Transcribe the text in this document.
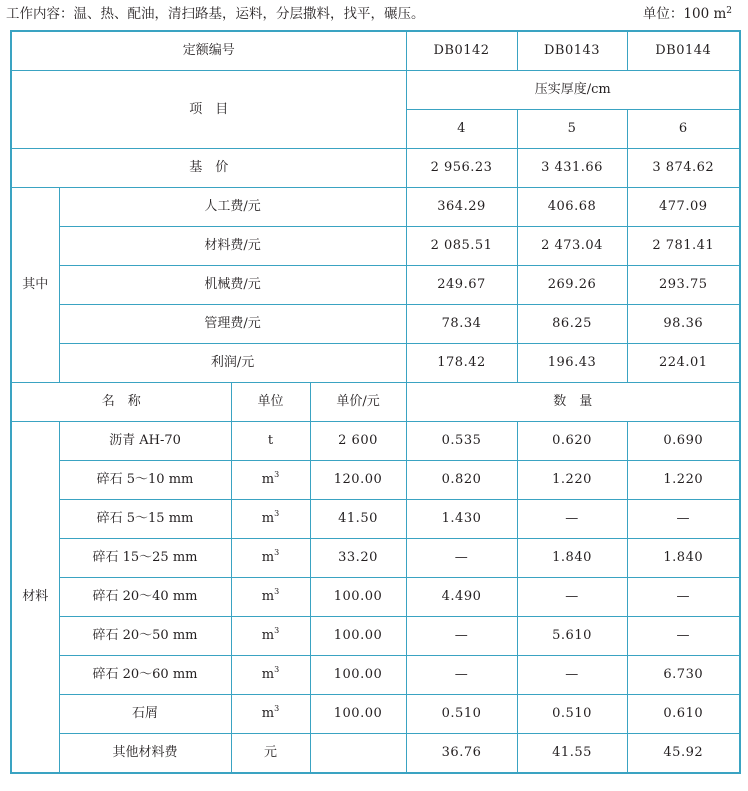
工作内容：温、热、配油，清扫路基，运料，分层撒料，找平，碾压。	单位：100 $m^2$
定额编号				DB0142	DB0143	DB0144
项　目				压实厚度/cm		
				4	5	6
基　价				2 956.23	3 431.66	3 874.62
其中	人工费/元			364.29	406.68	477.09
	材料费/元			2 085.51	2 473.04	2 781.41
	机械费/元			249.67	269.26	293.75
	管理费/元			78.34	86.25	98.36
	利润/元			178.42	196.43	224.01
名　称		单位	单价/元	数　量		
材料	沥青 AH-70	t	2 600	0.535	0.620	0.690
	碎石 5～10 mm	$m^3$	120.00	0.820	1.220	1.220
	碎石 5～15 mm	$m^3$	41.50	1.430	—	—
	碎石 15～25 mm	$m^3$	33.20	—	1.840	1.840
	碎石 20～40 mm	$m^3$	100.00	4.490	—	—
	碎石 20～50 mm	$m^3$	100.00	—	5.610	—
	碎石 20～60 mm	$m^3$	100.00	—	—	6.730
	石屑	$m^3$	100.00	0.510	0.510	0.610
	其他材料费	元		36.76	41.55	45.92
